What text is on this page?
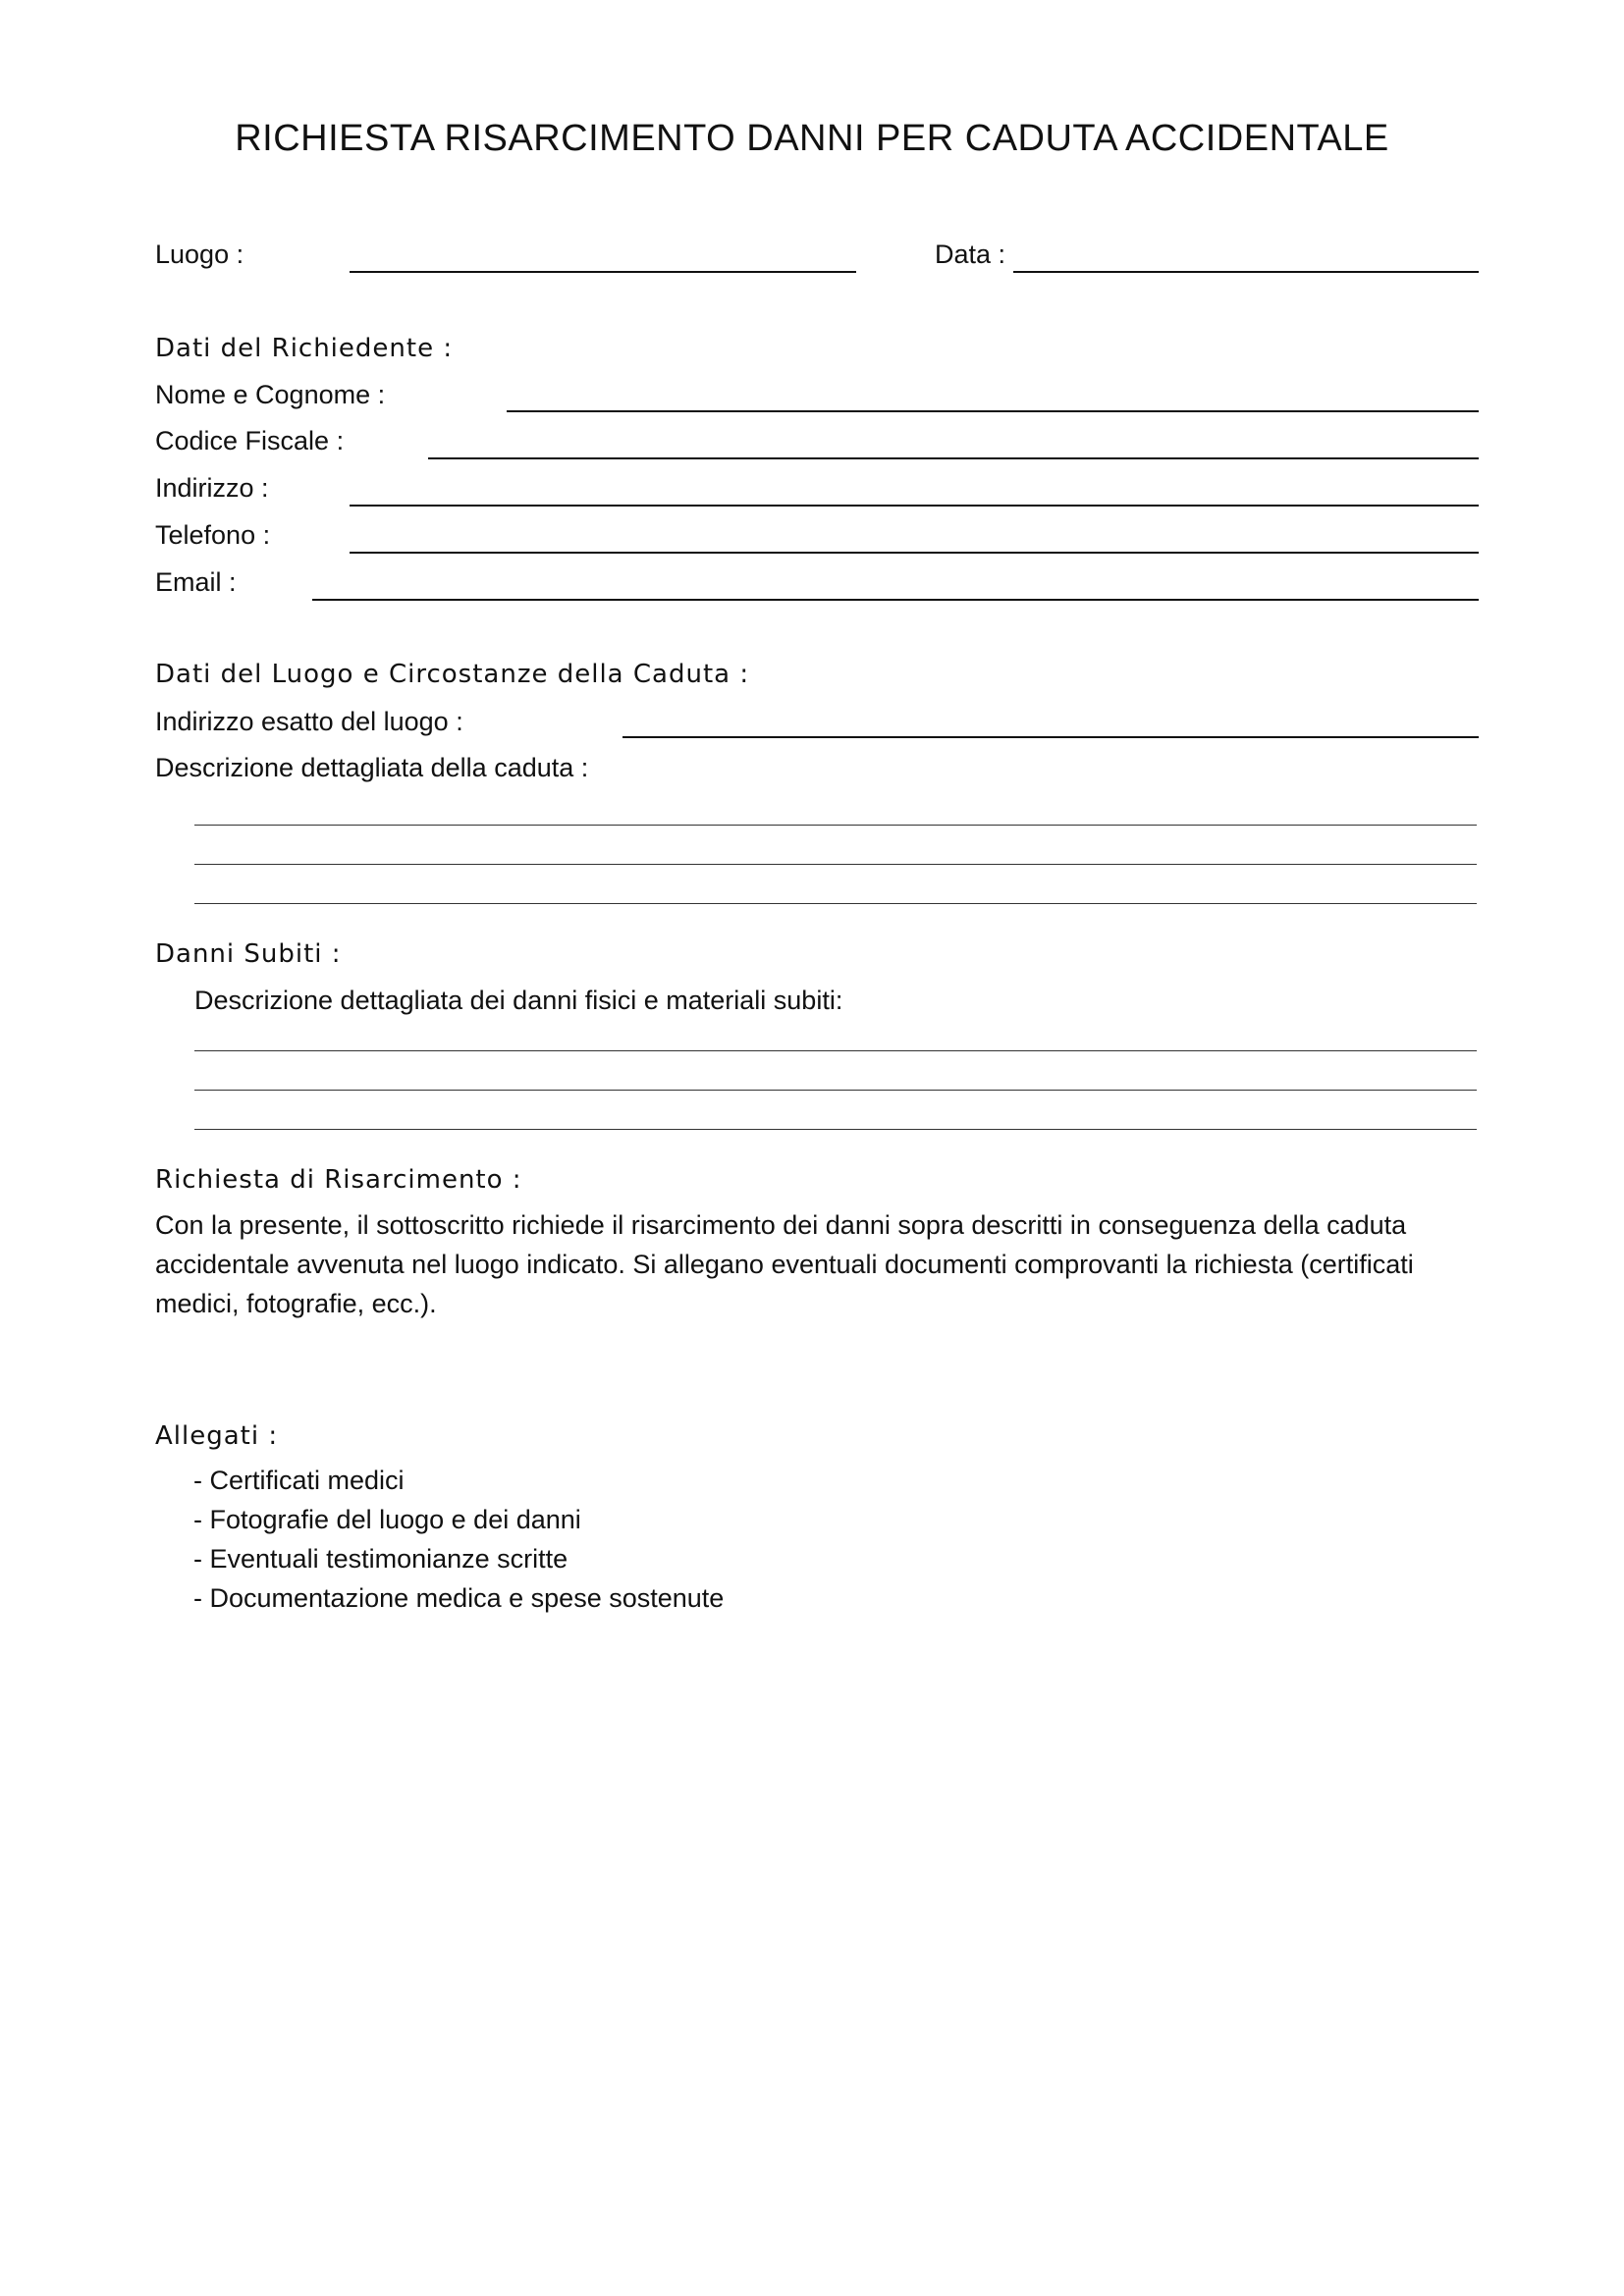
RICHIESTA RISARCIMENTO DANNI PER CADUTA ACCIDENTALE
Luogo :	Data :
Dati del Richiedente :
Nome e Cognome :
Codice Fiscale :
Indirizzo :
Telefono :
Email :
Dati del Luogo e Circostanze della Caduta :
Indirizzo esatto del luogo :
Descrizione dettagliata della caduta :
Danni Subiti :
Descrizione dettagliata dei danni fisici e materiali subiti:
Richiesta di Risarcimento :
Con la presente, il sottoscritto richiede il risarcimento dei danni sopra descritti in conseguenza della caduta accidentale avvenuta nel luogo indicato. Si allegano eventuali documenti comprovanti la richiesta (certificati medici, fotografie, ecc.).
Allegati :
- Certificati medici
- Fotografie del luogo e dei danni
- Eventuali testimonianze scritte
- Documentazione medica e spese sostenute
